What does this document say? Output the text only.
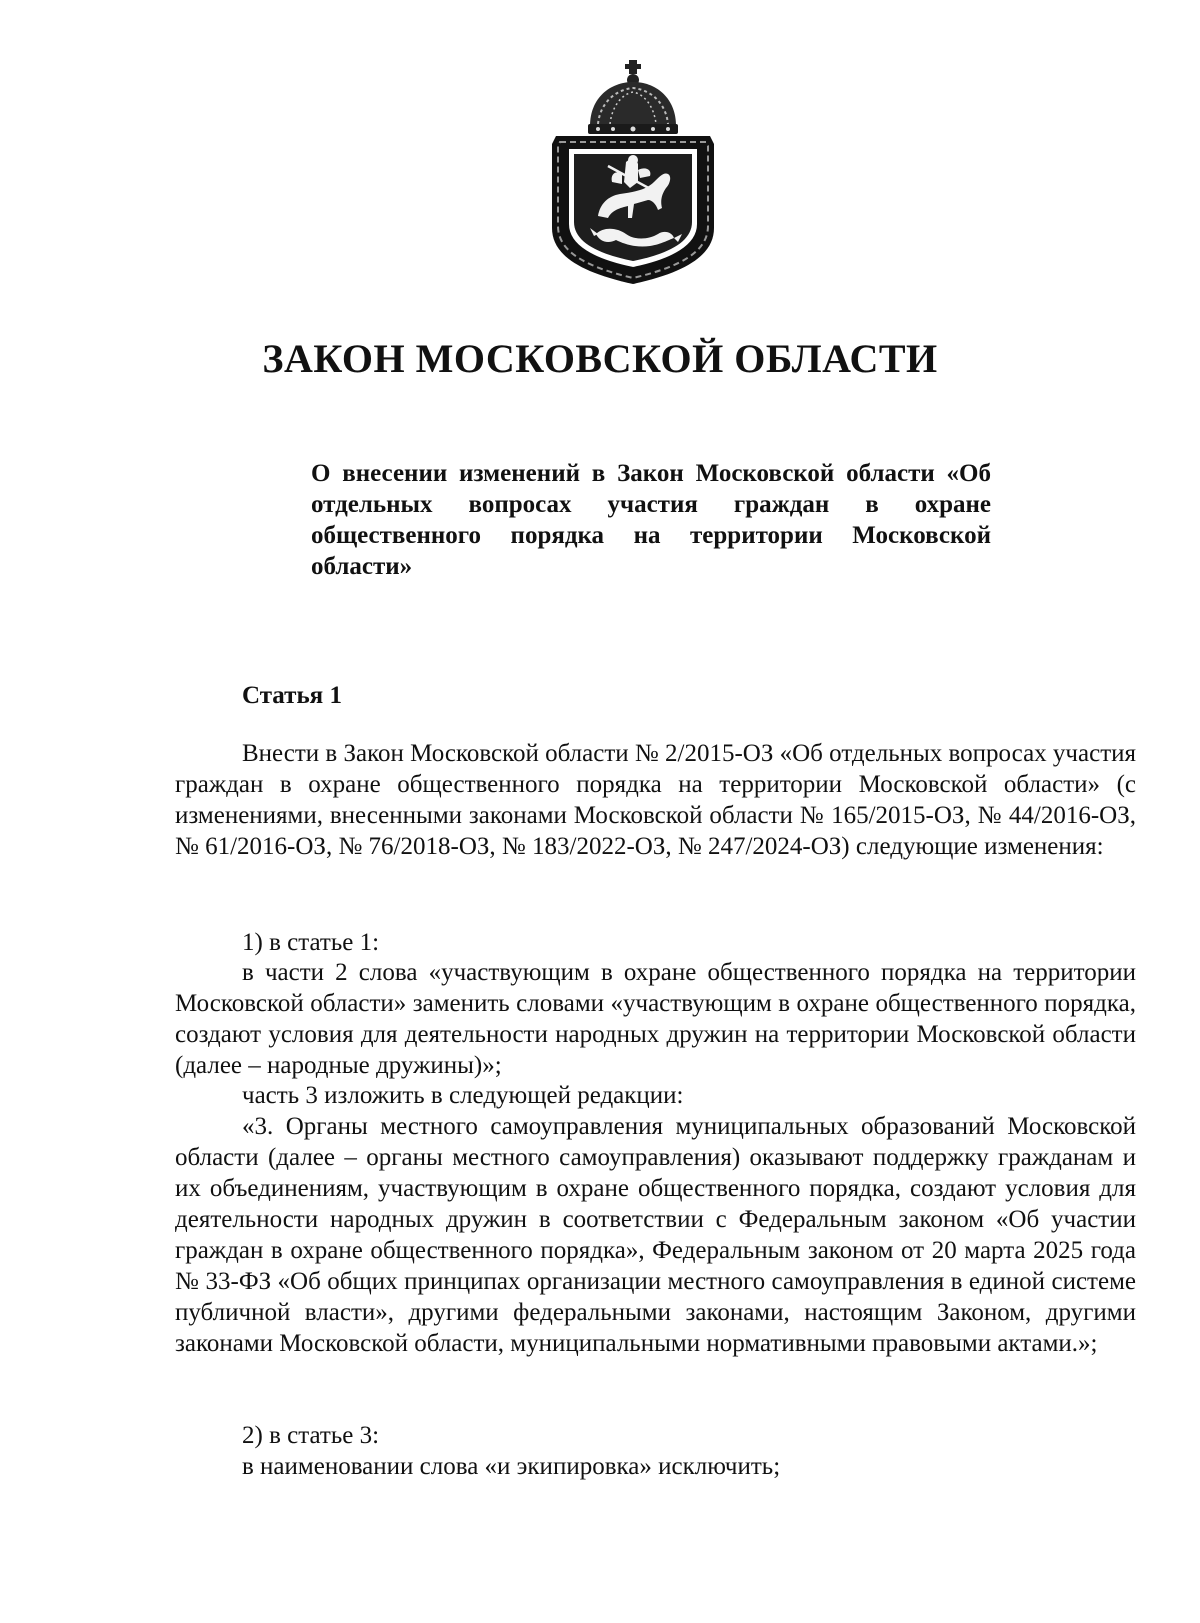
ЗАКОН МОСКОВСКОЙ ОБЛАСТИ

О внесении изменений в Закон Московской области «Об отдельных вопросах участия граждан в охране общественного порядка на территории Московской области»

Статья 1

Внести в Закон Московской области № 2/2015-ОЗ «Об отдельных вопросах участия граждан в охране общественного порядка на территории Московской области» (с изменениями, внесенными законами Московской области № 165/2015-ОЗ, № 44/2016-ОЗ, № 61/2016-ОЗ, № 76/2018-ОЗ, № 183/2022-ОЗ, № 247/2024-ОЗ) следующие изменения:

1) в статье 1:

в части 2 слова «участвующим в охране общественного порядка на территории Московской области» заменить словами «участвующим в охране общественного порядка, создают условия для деятельности народных дружин на территории Московской области (далее – народные дружины)»;

часть 3 изложить в следующей редакции:

«3. Органы местного самоуправления муниципальных образований Московской области (далее – органы местного самоуправления) оказывают поддержку гражданам и их объединениям, участвующим в охране общественного порядка, создают условия для деятельности народных дружин в соответствии с Федеральным законом «Об участии граждан в охране общественного порядка», Федеральным законом от 20 марта 2025 года № 33-ФЗ «Об общих принципах организации местного самоуправления в единой системе публичной власти», другими федеральными законами, настоящим Законом, другими законами Московской области, муниципальными нормативными правовыми актами.»;

2) в статье 3:

в наименовании слова «и экипировка» исключить;
